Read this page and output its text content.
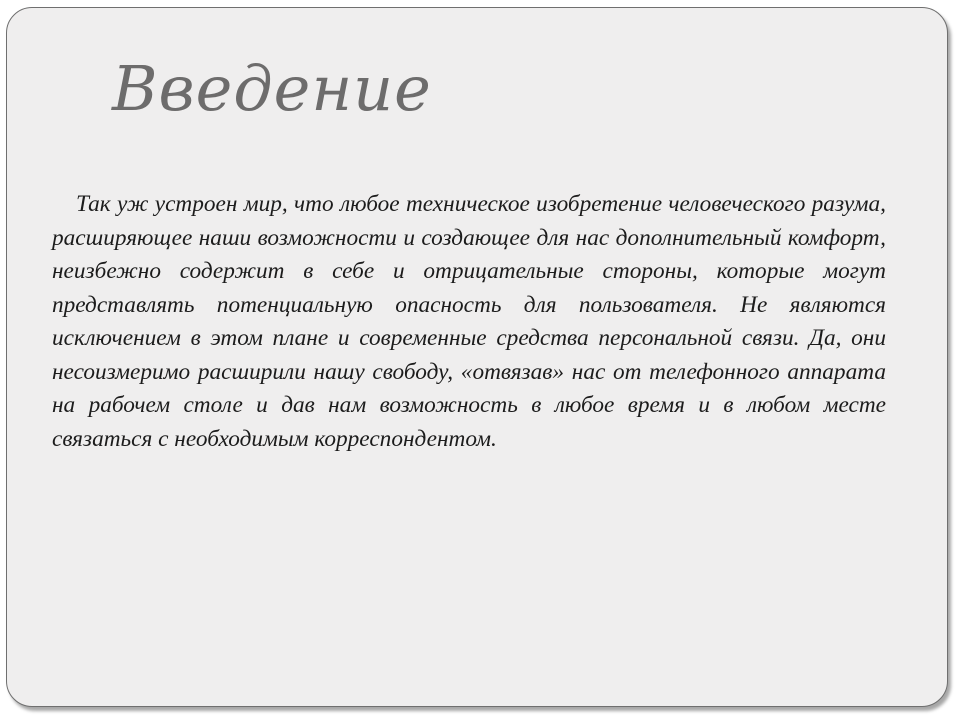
Введение

Так уж устроен мир, что любое техническое изобретение человеческого разума, расширяющее наши возможности и создающее для нас дополнительный комфорт, неизбежно содержит в себе и отрицательные стороны, которые могут представлять потенциальную опасность для пользователя. Не являются исключением в этом плане и современные средства персональной связи. Да, они несоизмеримо расширили нашу свободу, «отвязав» нас от телефонного аппарата на рабочем столе и дав нам возможность в любое время и в любом месте связаться с необходимым корреспондентом.
